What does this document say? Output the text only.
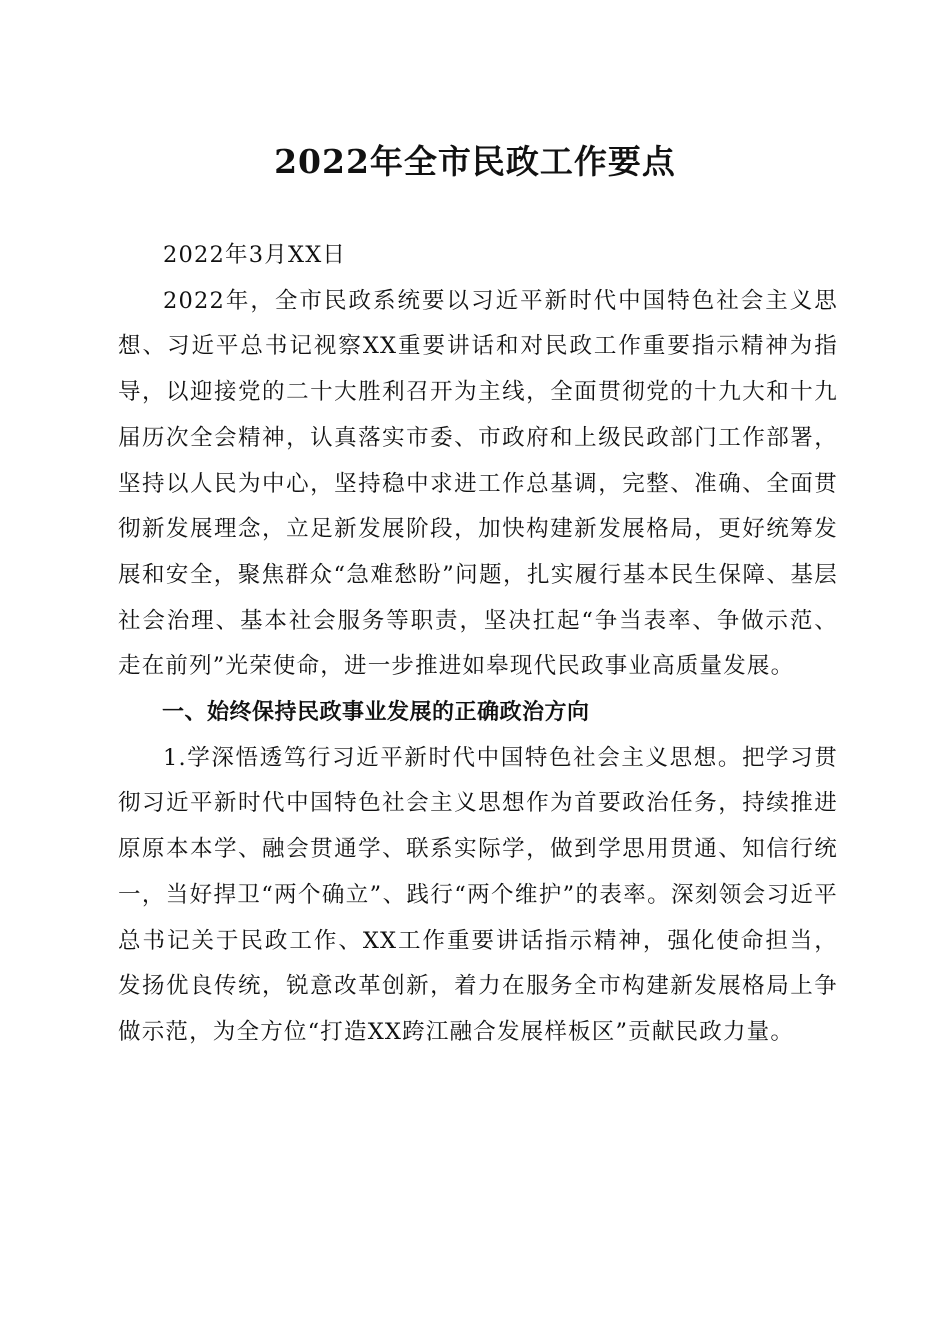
2022年全市民政工作要点

2022年3月XX日

2022年，全市民政系统要以习近平新时代中国特色社会主义思想、习近平总书记视察XX重要讲话和对民政工作重要指示精神为指导，以迎接党的二十大胜利召开为主线，全面贯彻党的十九大和十九届历次全会精神，认真落实市委、市政府和上级民政部门工作部署，坚持以人民为中心，坚持稳中求进工作总基调，完整、准确、全面贯彻新发展理念，立足新发展阶段，加快构建新发展格局，更好统筹发展和安全，聚焦群众“急难愁盼”问题，扎实履行基本民生保障、基层社会治理、基本社会服务等职责，坚决扛起“争当表率、争做示范、走在前列”光荣使命，进一步推进如皋现代民政事业高质量发展。

一、始终保持民政事业发展的正确政治方向

1.学深悟透笃行习近平新时代中国特色社会主义思想。把学习贯彻习近平新时代中国特色社会主义思想作为首要政治任务，持续推进原原本本学、融会贯通学、联系实际学，做到学思用贯通、知信行统一，当好捍卫“两个确立”、践行“两个维护”的表率。深刻领会习近平总书记关于民政工作、XX工作重要讲话指示精神，强化使命担当，发扬优良传统，锐意改革创新，着力在服务全市构建新发展格局上争做示范，为全方位“打造XX跨江融合发展样板区”贡献民政力量。
